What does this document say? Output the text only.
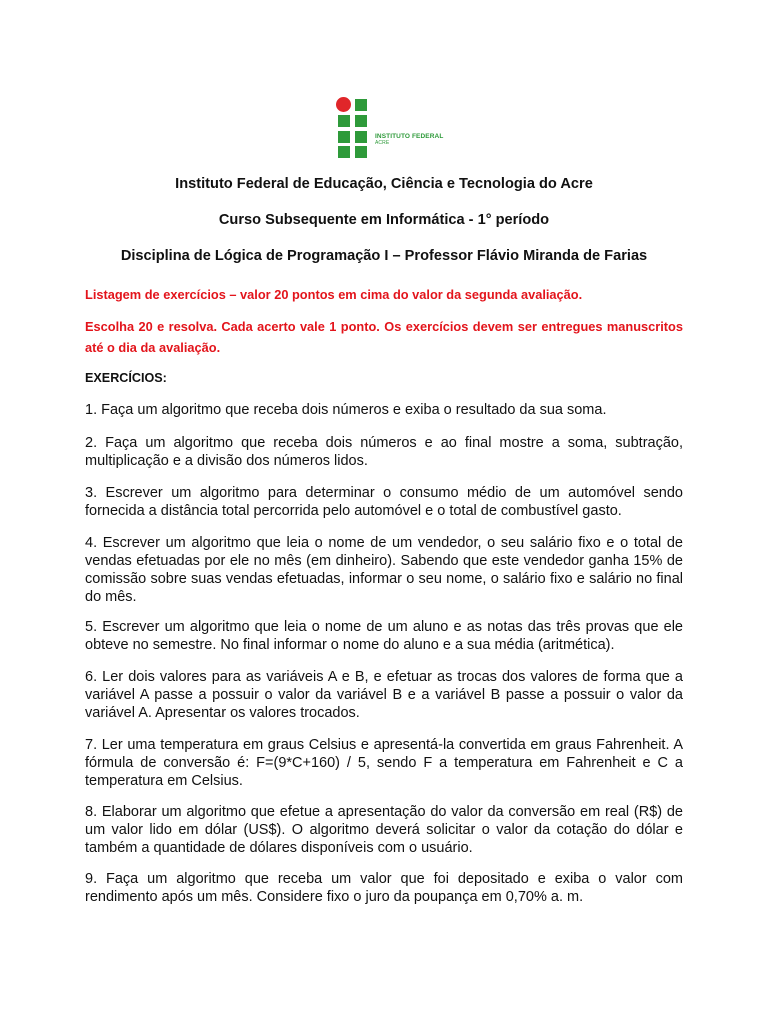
INSTITUTO FEDERAL
ACRE
Instituto Federal de Educação, Ciência e Tecnologia do Acre
Curso Subsequente em Informática - 1° período
Disciplina de Lógica de Programação I – Professor Flávio Miranda de Farias
Listagem de exercícios – valor 20 pontos em cima do valor da segunda avaliação.
Escolha 20 e resolva. Cada acerto vale 1 ponto. Os exercícios devem ser entregues manuscritos até o dia da avaliação.
EXERCÍCIOS:
1. Faça um algoritmo que receba dois números e exiba o resultado da sua soma.
2. Faça um algoritmo que receba dois números e ao final mostre a soma, subtração, multiplicação e a divisão dos números lidos.
3. Escrever um algoritmo para determinar o consumo médio de um automóvel sendo fornecida a distância total percorrida pelo automóvel e o total de combustível gasto.
4. Escrever um algoritmo que leia o nome de um vendedor, o seu salário fixo e o total de vendas efetuadas por ele no mês (em dinheiro). Sabendo que este vendedor ganha 15% de comissão sobre suas vendas efetuadas, informar o seu nome, o salário fixo e salário no final do mês.
5. Escrever um algoritmo que leia o nome de um aluno e as notas das três provas que ele obteve no semestre. No final informar o nome do aluno e a sua média (aritmética).
6. Ler dois valores para as variáveis A e B, e efetuar as trocas dos valores de forma que a variável A passe a possuir o valor da variável B e a variável B passe a possuir o valor da variável A. Apresentar os valores trocados.
7. Ler uma temperatura em graus Celsius e apresentá-la convertida em graus Fahrenheit. A fórmula de conversão é: F=(9*C+160) / 5, sendo F a temperatura em Fahrenheit e C a temperatura em Celsius.
8. Elaborar um algoritmo que efetue a apresentação do valor da conversão em real (R$) de um valor lido em dólar (US$). O algoritmo deverá solicitar o valor da cotação do dólar e também a quantidade de dólares disponíveis com o usuário.
9. Faça um algoritmo que receba um valor que foi depositado e exiba o valor com rendimento após um mês. Considere fixo o juro da poupança em 0,70% a. m.
